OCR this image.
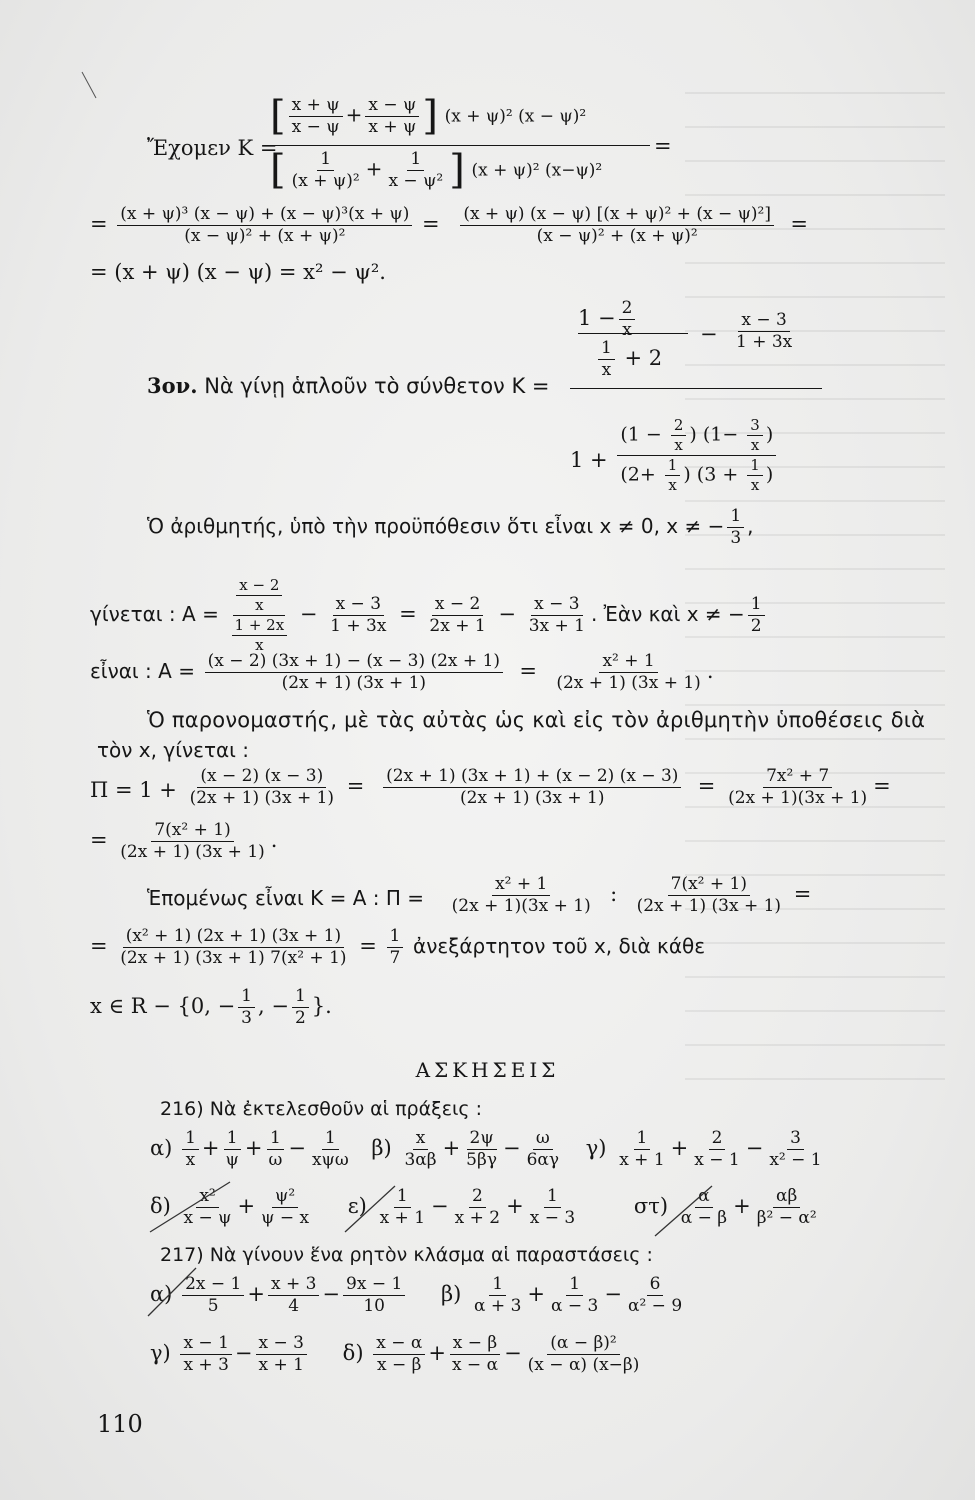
Ἔχομεν K =
[ $\frac{x + \psi}{x - \psi} + \frac{x - \psi}{x + \psi}$ ] (x + ψ)² (x − ψ)²
=
[ $\frac{1}{\text{(x + ψ)²}} + \frac{1}{\text{x − ψ²}}$ ] (x + ψ)² (x−ψ)²
= $\frac{\text{(x + ψ)³ (x − ψ) + (x − ψ)³(x + ψ)}}{\text{(x − ψ)² + (x + ψ)²}} = \frac{\text{(x + ψ) (x − ψ) [(x + ψ)² + (x − ψ)²]}}{\text{(x − ψ)² + (x + ψ)²}}$ =
= (x + ψ) (x − ψ) = x² − ψ².
3ον. Νὰ γίνῃ ἁπλοῦν τὸ σύνθετον K =
$1 - \frac{2}{x}$	$\frac{x - 3}{1 + 3x}$
−
$\frac{1}{x} + 2$
$1 + \frac{(1 - \frac{2}{x} ) (1- \frac{3}{x} )}{(2+ \frac{1}{x} ) (3 + \frac{1}{x} )}$
Ὁ ἀριθμητής, ὑπὸ τὴν προϋπόθεσιν ὅτι εἶναι x ≠ 0, x ≠ − $\frac{1}{3}$ ,
γίνεται : $A = \frac{\frac{x - 2}{x}}{\frac{1 + 2x}{x}} - \frac{x - 3}{1 + 3x} = \frac{x - 2}{2x + 1} - \frac{x - 3}{3x + 1}$ . Ἐὰν καὶ x ≠ − $\frac{1}{2}$
εἶναι : $A = \frac{(x - 2) (3x + 1) - (x - 3) (2x + 1)}{(2x + 1) (3x + 1)} = \frac{\text{x² + 1}}{(2x + 1) (3x + 1)}$ .
Ὁ παρονομαστής, μὲ τὰς αὐτὰς ὡς καὶ εἰς τὸν ἀριθμητὴν ὑποθέσεις διὰ
τὸν x, γίνεται :
$\Pi = 1 + \frac{(x - 2) (x - 3)}{(2x + 1) (3x + 1)} = \frac{(2x + 1) (3x + 1) + (x - 2) (x - 3)}{(2x + 1) (3x + 1)} = \frac{\text{7x² + 7}}{(2x + 1)(3x + 1)}$ =
= $\frac{\text{7(x² + 1)}}{(2x + 1) (3x + 1)}$ .
Ἑπομένως εἶναι K = A : $\Pi = \frac{\text{x² + 1}}{(2x + 1)(3x + 1)}$ : $\frac{\text{7(x² + 1)}}{(2x + 1) (3x + 1)}$ =
= $\frac{\text{(x² + 1) (2x + 1) (3x + 1)}}{\text{(2x + 1) (3x + 1) 7(x² + 1)}} = \frac{1}{7}$ ἀνεξάρτητον τοῦ x, διὰ κάθε
x ∈ R − {0, − $\frac{1}{3}$ , − $\frac{1}{2}$ }.
ΑΣΚΗΣΕΙΣ
216) Νὰ ἐκτελεσθοῦν αἱ πράξεις :
$\alpha) \frac{1}{x} + \frac{1}{\psi} + \frac{1}{\omega} - \frac{1}{\text{xψω}} \beta) \frac{x}{3\alpha\beta} + \frac{2\psi}{5\beta\gamma} - \frac{\omega}{6\alpha\gamma} \gamma) \frac{1}{x + 1} + \frac{2}{x - 1} - \frac{3}{\text{x² − 1}}$
$\delta) \frac{\text{x²}}{x - \psi} + \frac{\text{ψ²}}{\psi - x} \varepsilon) \frac{1}{x + 1} - \frac{2}{x + 2} + \frac{1}{x - 3}$	$\sigma\tau) \frac{\alpha}{\alpha - \beta} + \frac{\alpha\beta}{\text{β² − α²}}$
217) Νὰ γίνουν ἕνα ρητὸν κλάσμα αἱ παραστάσεις :
$\alpha) \frac{2x - 1}{5} + \frac{x + 3}{4} - \frac{9x - 1}{10} \beta) \frac{1}{\alpha + 3} + \frac{1}{\alpha - 3} - \frac{6}{\text{α² − 9}}$
$\gamma) \frac{x - 1}{x + 3} - \frac{x - 3}{x + 1} \delta) \frac{x - \alpha}{x - \beta} + \frac{x - \beta}{x - \alpha} - \frac{\text{(α − β)²}}{(x - \alpha) (x-\beta)}$
110
